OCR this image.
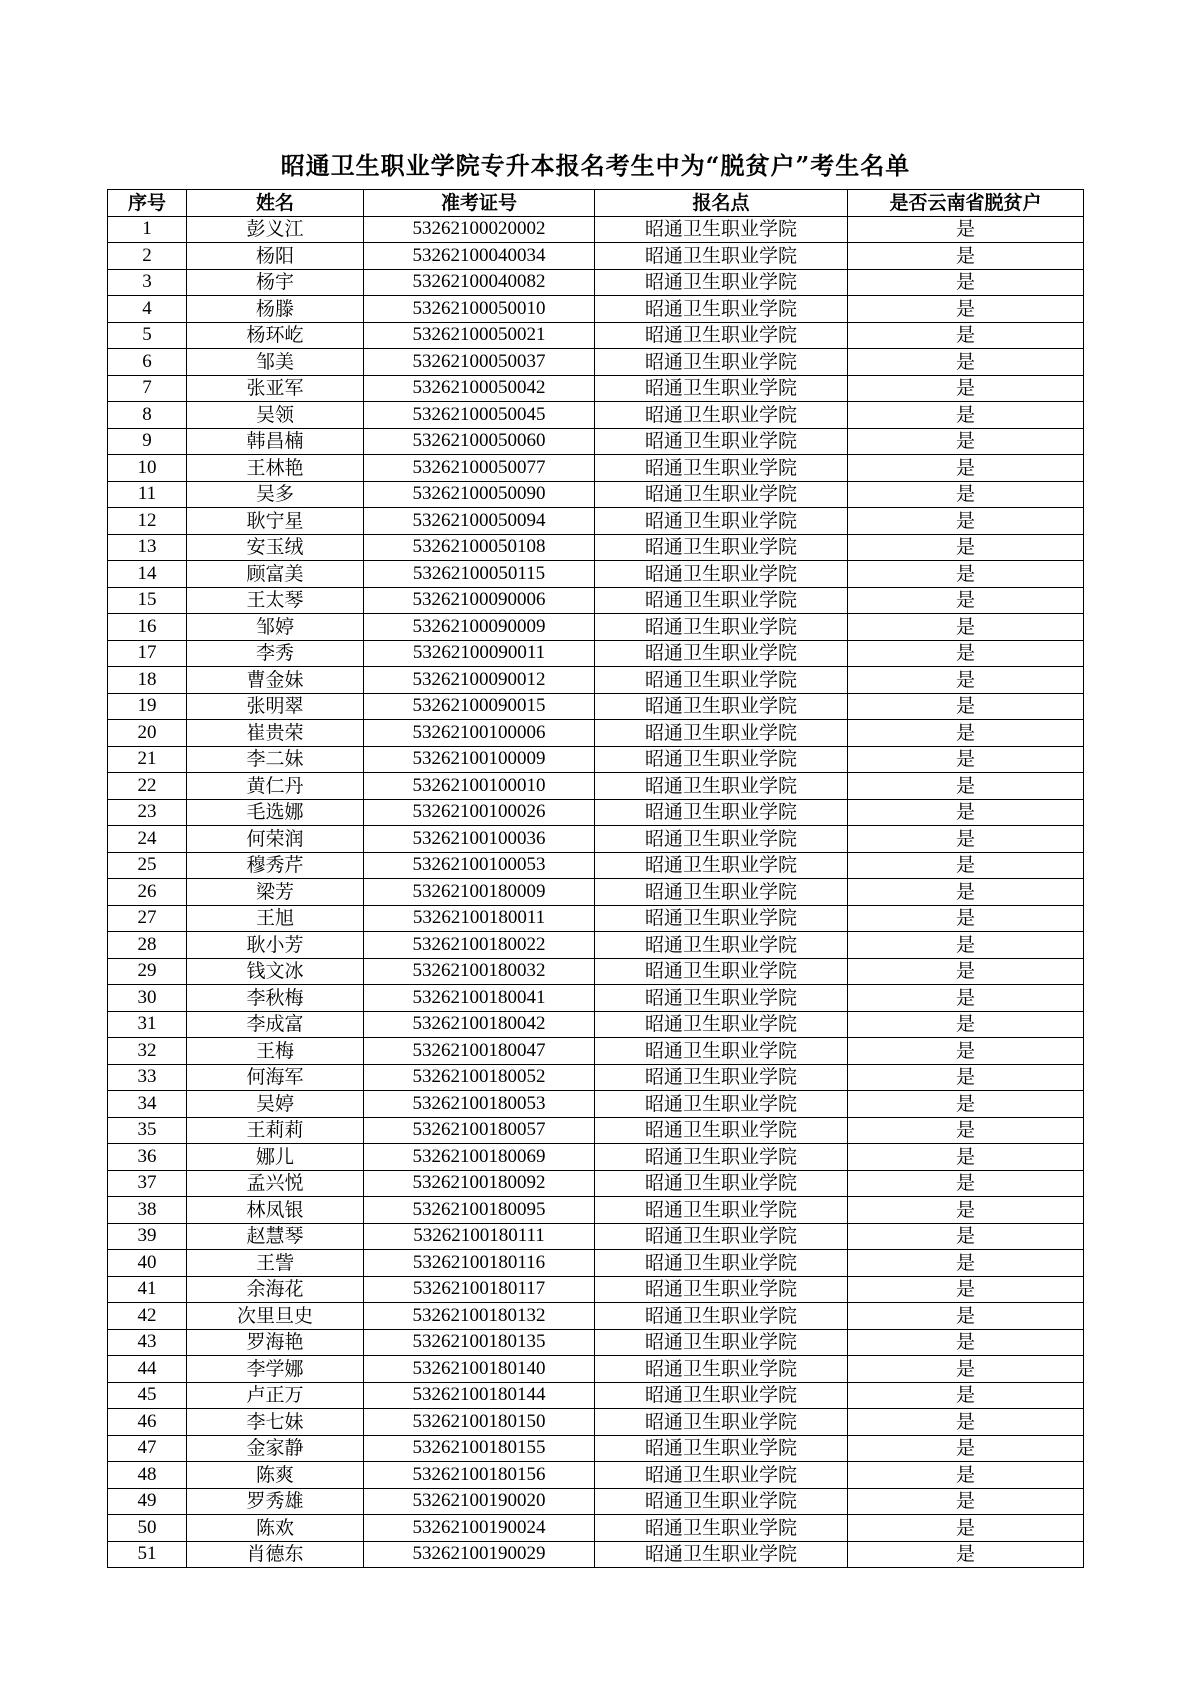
昭通卫生职业学院专升本报名考生中为“脱贫户”考生名单
序号	姓名	准考证号	报名点	是否云南省脱贫户
1	彭义江	53262100020002	昭通卫生职业学院	是
2	杨阳	53262100040034	昭通卫生职业学院	是
3	杨宇	53262100040082	昭通卫生职业学院	是
4	杨滕	53262100050010	昭通卫生职业学院	是
5	杨环屹	53262100050021	昭通卫生职业学院	是
6	邹美	53262100050037	昭通卫生职业学院	是
7	张亚军	53262100050042	昭通卫生职业学院	是
8	吴领	53262100050045	昭通卫生职业学院	是
9	韩昌楠	53262100050060	昭通卫生职业学院	是
10	王林艳	53262100050077	昭通卫生职业学院	是
11	吴多	53262100050090	昭通卫生职业学院	是
12	耿宁星	53262100050094	昭通卫生职业学院	是
13	安玉绒	53262100050108	昭通卫生职业学院	是
14	顾富美	53262100050115	昭通卫生职业学院	是
15	王太琴	53262100090006	昭通卫生职业学院	是
16	邹婷	53262100090009	昭通卫生职业学院	是
17	李秀	53262100090011	昭通卫生职业学院	是
18	曹金妹	53262100090012	昭通卫生职业学院	是
19	张明翠	53262100090015	昭通卫生职业学院	是
20	崔贵荣	53262100100006	昭通卫生职业学院	是
21	李二妹	53262100100009	昭通卫生职业学院	是
22	黄仁丹	53262100100010	昭通卫生职业学院	是
23	毛选娜	53262100100026	昭通卫生职业学院	是
24	何荣润	53262100100036	昭通卫生职业学院	是
25	穆秀芹	53262100100053	昭通卫生职业学院	是
26	梁芳	53262100180009	昭通卫生职业学院	是
27	王旭	53262100180011	昭通卫生职业学院	是
28	耿小芳	53262100180022	昭通卫生职业学院	是
29	钱文冰	53262100180032	昭通卫生职业学院	是
30	李秋梅	53262100180041	昭通卫生职业学院	是
31	李成富	53262100180042	昭通卫生职业学院	是
32	王梅	53262100180047	昭通卫生职业学院	是
33	何海军	53262100180052	昭通卫生职业学院	是
34	吴婷	53262100180053	昭通卫生职业学院	是
35	王莉莉	53262100180057	昭通卫生职业学院	是
36	娜儿	53262100180069	昭通卫生职业学院	是
37	孟兴悦	53262100180092	昭通卫生职业学院	是
38	林凤银	53262100180095	昭通卫生职业学院	是
39	赵慧琴	53262100180111	昭通卫生职业学院	是
40	王訾	53262100180116	昭通卫生职业学院	是
41	余海花	53262100180117	昭通卫生职业学院	是
42	次里旦史	53262100180132	昭通卫生职业学院	是
43	罗海艳	53262100180135	昭通卫生职业学院	是
44	李学娜	53262100180140	昭通卫生职业学院	是
45	卢正万	53262100180144	昭通卫生职业学院	是
46	李七妹	53262100180150	昭通卫生职业学院	是
47	金家静	53262100180155	昭通卫生职业学院	是
48	陈爽	53262100180156	昭通卫生职业学院	是
49	罗秀雄	53262100190020	昭通卫生职业学院	是
50	陈欢	53262100190024	昭通卫生职业学院	是
51	肖德东	53262100190029	昭通卫生职业学院	是
